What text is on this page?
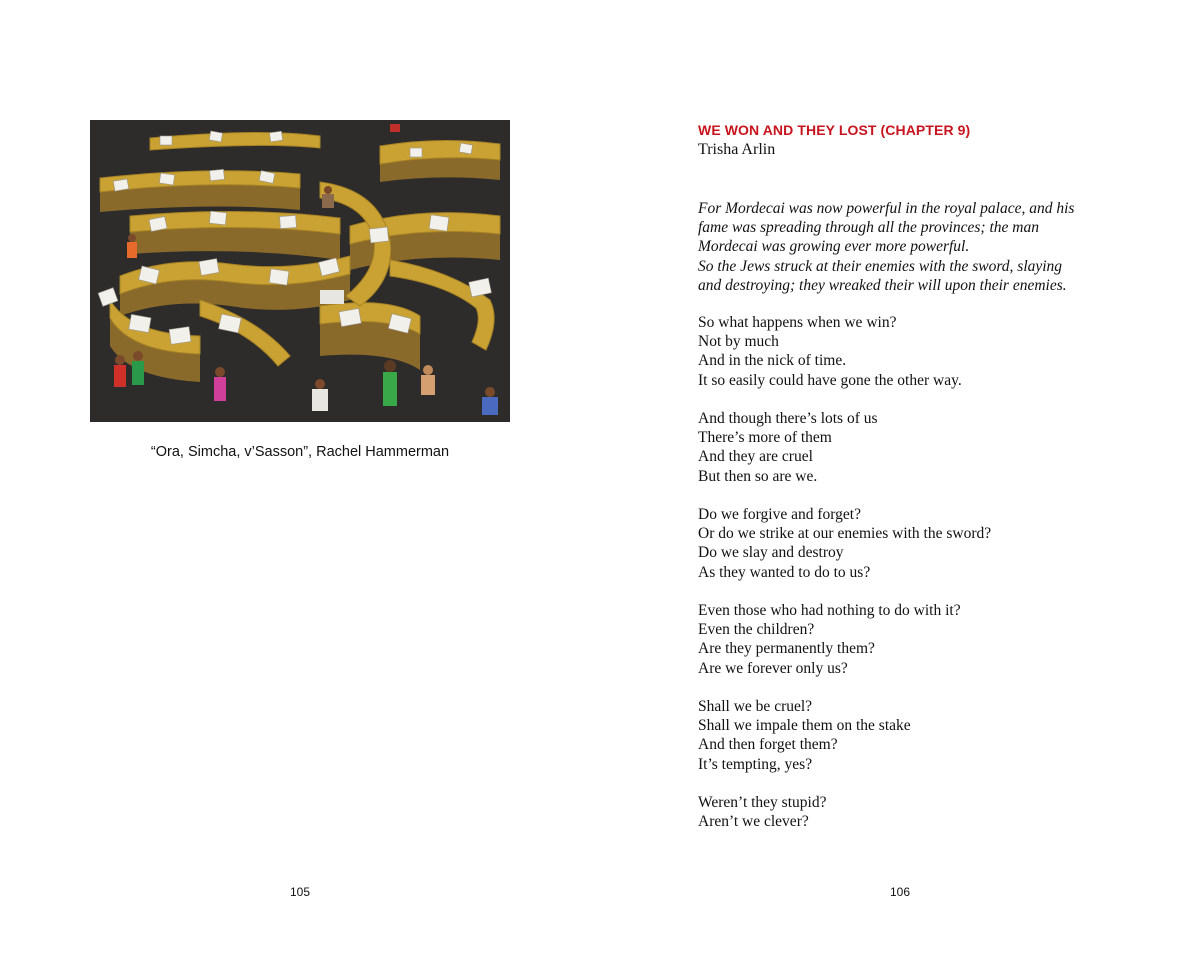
“Ora, Simcha, v’Sasson”, Rachel Hammerman
105
WE WON AND THEY LOST (CHAPTER 9)
Trisha Arlin
For Mordecai was now powerful in the royal palace, and his
fame was spreading through all the provinces; the man
Mordecai was growing ever more powerful.
So the Jews struck at their enemies with the sword, slaying
and destroying; they wreaked their will upon their enemies.
So what happens when we win?
Not by much
And in the nick of time.
It so easily could have gone the other way.
And though there’s lots of us
There’s more of them
And they are cruel
But then so are we.
Do we forgive and forget?
Or do we strike at our enemies with the sword?
Do we slay and destroy
As they wanted to do to us?
Even those who had nothing to do with it?
Even the children?
Are they permanently them?
Are we forever only us?
Shall we be cruel?
Shall we impale them on the stake
And then forget them?
It’s tempting, yes?
Weren’t they stupid?
Aren’t we clever?
106
